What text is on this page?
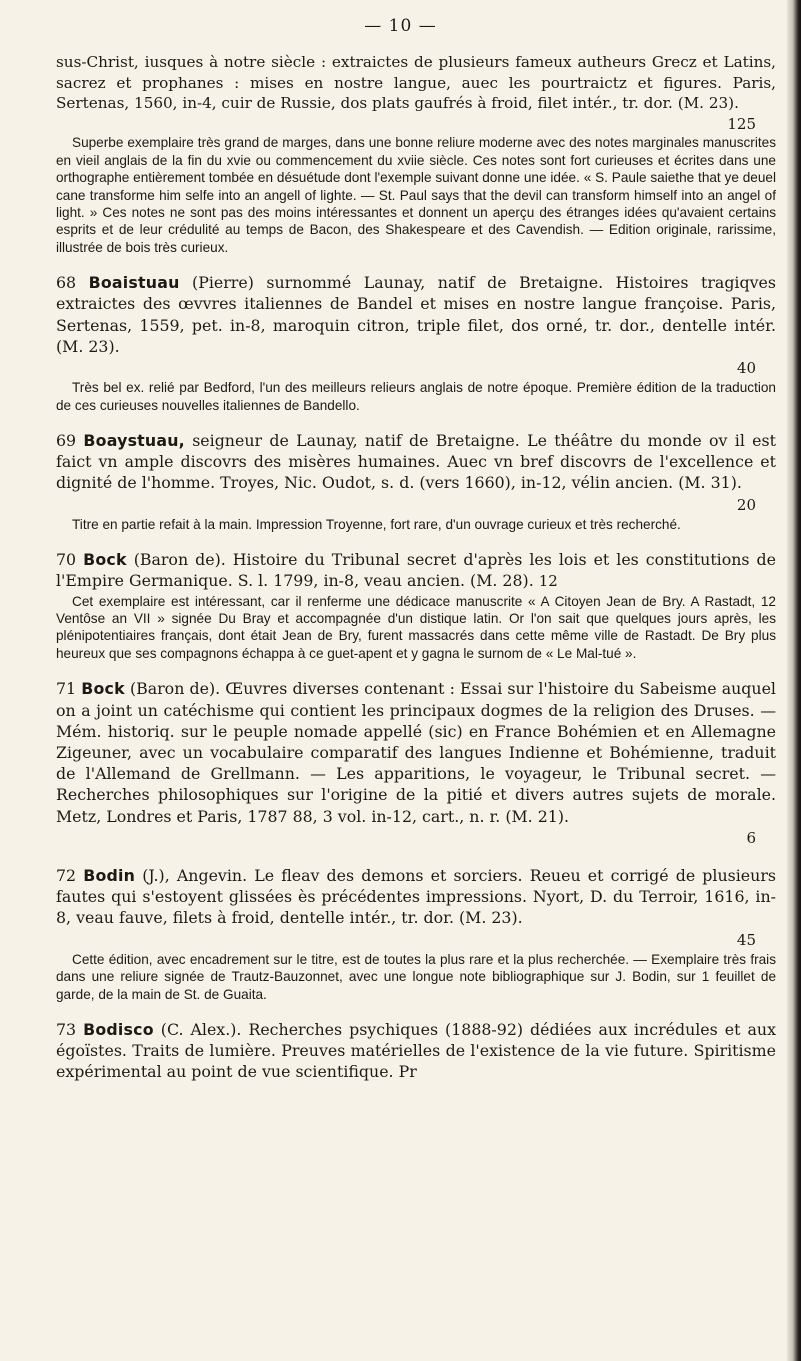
— 10 —

sus-Christ, iusques à notre siècle : extraictes de plusieurs fameux autheurs Grecz et Latins, sacrez et prophanes : mises en nostre langue, auec les pourtraictz et figures. Paris, Sertenas, 1560, in-4, cuir de Russie, dos plats gaufrés à froid, filet intér., tr. dor. (M. 23).
125

Superbe exemplaire très grand de marges, dans une bonne reliure moderne avec des notes marginales manuscrites en vieil anglais de la fin du xvie ou commencement du xviie siècle. Ces notes sont fort curieuses et écrites dans une orthographe entièrement tombée en désuétude dont l'exemple suivant donne une idée. « S. Paule saiethe that ye deuel cane transforme him selfe into an angell of lighte. — St. Paul says that the devil can transform himself into an angel of light. » Ces notes ne sont pas des moins intéressantes et donnent un aperçu des étranges idées qu'avaient certains esprits et de leur crédulité au temps de Bacon, des Shakespeare et des Cavendish. — Edition originale, rarissime, illustrée de bois très curieux.

68 Boaistuau (Pierre) surnommé Launay, natif de Bretaigne. Histoires tragiqves extraictes des œvvres italiennes de Bandel et mises en nostre langue françoise. Paris, Sertenas, 1559, pet. in-8, maroquin citron, triple filet, dos orné, tr. dor., dentelle intér. (M. 23).
40

Très bel ex. relié par Bedford, l'un des meilleurs relieurs anglais de notre époque. Première édition de la traduction de ces curieuses nouvelles italiennes de Bandello.

69 Boaystuau, seigneur de Launay, natif de Bretaigne. Le théâtre du monde ov il est faict vn ample discovrs des misères humaines. Auec vn bref discovrs de l'excellence et dignité de l'homme. Troyes, Nic. Oudot, s. d. (vers 1660), in-12, vélin ancien. (M. 31).
20

Titre en partie refait à la main. Impression Troyenne, fort rare, d'un ouvrage curieux et très recherché.

70 Bock (Baron de). Histoire du Tribunal secret d'après les lois et les constitutions de l'Empire Germanique. S. l. 1799, in-8, veau ancien. (M. 28). 12

Cet exemplaire est intéressant, car il renferme une dédicace manuscrite « A Citoyen Jean de Bry. A Rastadt, 12 Ventôse an VII » signée Du Bray et accompagnée d'un distique latin. Or l'on sait que quelques jours après, les plénipotentiaires français, dont était Jean de Bry, furent massacrés dans cette même ville de Rastadt. De Bry plus heureux que ses compagnons échappa à ce guet-apent et y gagna le surnom de « Le Mal-tué ».

71 Bock (Baron de). Œuvres diverses contenant : Essai sur l'histoire du Sabeisme auquel on a joint un catéchisme qui contient les principaux dogmes de la religion des Druses. — Mém. historiq. sur le peuple nomade appellé (sic) en France Bohémien et en Allemagne Zigeuner, avec un vocabulaire comparatif des langues Indienne et Bohémienne, traduit de l'Allemand de Grellmann. — Les apparitions, le voyageur, le Tribunal secret. — Recherches philosophiques sur l'origine de la pitié et divers autres sujets de morale. Metz, Londres et Paris, 1787 88, 3 vol. in-12, cart., n. r. (M. 21).
6

72 Bodin (J.), Angevin. Le fleav des demons et sorciers. Reueu et corrigé de plusieurs fautes qui s'estoyent glissées ès précédentes impressions. Nyort, D. du Terroir, 1616, in-8, veau fauve, filets à froid, dentelle intér., tr. dor. (M. 23).
45

Cette édition, avec encadrement sur le titre, est de toutes la plus rare et la plus recherchée. — Exemplaire très frais dans une reliure signée de Trautz-Bauzonnet, avec une longue note bibliographique sur J. Bodin, sur 1 feuillet de garde, de la main de St. de Guaita.

73 Bodisco (C. Alex.). Recherches psychiques (1888-92) dédiées aux incrédules et aux égoïstes. Traits de lumière. Preuves matérielles de l'existence de la vie future. Spiritisme expérimental au point de vue scientifique. Pr
